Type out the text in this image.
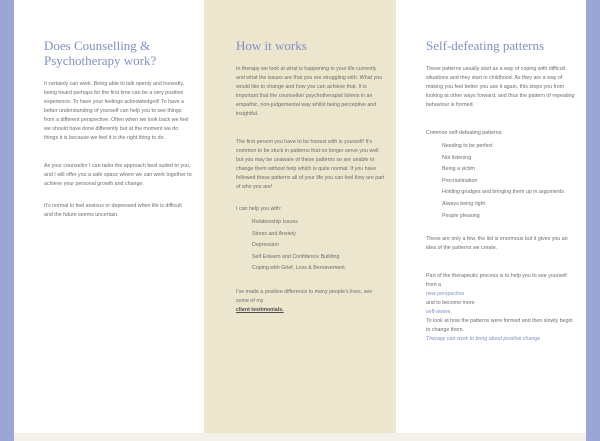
Does Counselling & Psychotherapy work?

It certainly can work. Being able to talk openly and honestly, being heard perhaps for the first time can be a very positive experience. To have your feelings acknowledged! To have a better understanding of yourself can help you to see things from a different perspective. Often when we look back we feel we should have done differently but at the moment we do things it is because we feel it is the right thing to do.

As your counsellor I can tailor the approach best suited to you, and I will offer you a safe space where we can work together to achieve your personal growth and change.

It's normal to feel anxious or depressed when life is difficult and the future seems uncertain.

How it works

In therapy we look at what is happening in your life currently and what the issues are that you are struggling with. What you would like to change and how you can achieve that. It is important that the counsellor/ psychotherapist listens in an empathic, non-judgemental way whilst being perceptive and insightful.

The first person you have to be honest with is yourself! It's common to be stuck in patterns that no longer serve you well but you may be unaware of these patterns so are unable to change them without help which is quite normal. If you have followed these patterns all of your life you can feel they are part of who you are!

I can help you with:

Relationship Issues
Stress and Anxiety
Depression
Self Esteem and Confidence Building
Coping with Grief, Loss & Bereavement.

I've made a positive difference to many people's lives, see some of my
client testimonials.

Self-defeating patterns

These patterns usually start as a way of coping with difficult situations and they start in childhood. As they are a way of making you feel better you use it again, this stops you from looking at other ways forward, and thus the pattern of repeating behaviour is formed.

Common self-defeating patterns:

Needing to be perfect
Not listening
Being a victim
Procrastination
Holding grudges and bringing them up in arguments
Always being right
People pleasing

These are only a few, the list is enormous but it gives you an idea of the patterns we create.

Part of the therapeutic process is to help you to see yourself from a
new perspective
and to become more
self-aware.
To look at how the patterns were formed and then slowly begin to change them.
Therapy can work to bring about positive change
.
